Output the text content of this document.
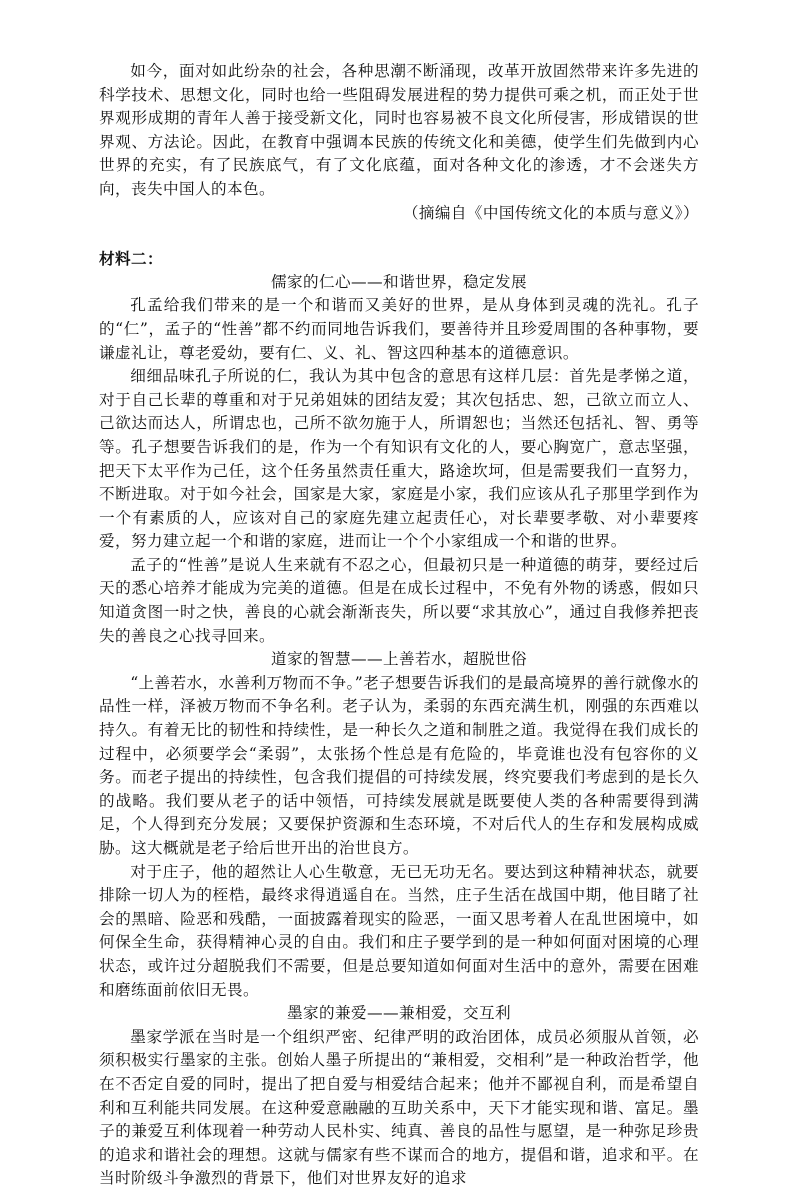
如今，面对如此纷杂的社会，各种思潮不断涌现，改革开放固然带来许多先进的科学技术、思想文化，同时也给一些阻碍发展进程的势力提供可乘之机，而正处于世界观形成期的青年人善于接受新文化，同时也容易被不良文化所侵害，形成错误的世界观、方法论。因此，在教育中强调本民族的传统文化和美德，使学生们先做到内心世界的充实，有了民族底气，有了文化底蕴，面对各种文化的渗透，才不会迷失方向，丧失中国人的本色。

（摘编自《中国传统文化的本质与意义》）

材料二：

儒家的仁心——和谐世界，稳定发展

孔孟给我们带来的是一个和谐而又美好的世界，是从身体到灵魂的洗礼。孔子的“仁”，孟子的“性善”都不约而同地告诉我们，要善待并且珍爱周围的各种事物，要谦虚礼让，尊老爱幼，要有仁、义、礼、智这四种基本的道德意识。

细细品味孔子所说的仁，我认为其中包含的意思有这样几层：首先是孝悌之道，对于自己长辈的尊重和对于兄弟姐妹的团结友爱；其次包括忠、恕，己欲立而立人、己欲达而达人，所谓忠也，己所不欲勿施于人，所谓恕也；当然还包括礼、智、勇等等。孔子想要告诉我们的是，作为一个有知识有文化的人，要心胸宽广，意志坚强，把天下太平作为己任，这个任务虽然责任重大，路途坎坷，但是需要我们一直努力，不断进取。对于如今社会，国家是大家，家庭是小家，我们应该从孔子那里学到作为一个有素质的人，应该对自己的家庭先建立起责任心，对长辈要孝敬、对小辈要疼爱，努力建立起一个和谐的家庭，进而让一个个小家组成一个和谐的世界。

孟子的“性善”是说人生来就有不忍之心，但最初只是一种道德的萌芽，要经过后天的悉心培养才能成为完美的道德。但是在成长过程中，不免有外物的诱惑，假如只知道贪图一时之快，善良的心就会渐渐丧失，所以要“求其放心”，通过自我修养把丧失的善良之心找寻回来。

道家的智慧——上善若水，超脱世俗

“上善若水，水善利万物而不争。”老子想要告诉我们的是最高境界的善行就像水的品性一样，泽被万物而不争名利。老子认为，柔弱的东西充满生机，刚强的东西难以持久。有着无比的韧性和持续性，是一种长久之道和制胜之道。我觉得在我们成长的过程中，必须要学会“柔弱”，太张扬个性总是有危险的，毕竟谁也没有包容你的义务。而老子提出的持续性，包含我们提倡的可持续发展，终究要我们考虑到的是长久的战略。我们要从老子的话中领悟，可持续发展就是既要使人类的各种需要得到满足，个人得到充分发展；又要保护资源和生态环境，不对后代人的生存和发展构成威胁。这大概就是老子给后世开出的治世良方。

对于庄子，他的超然让人心生敬意，无已无功无名。要达到这种精神状态，就要排除一切人为的桎梏，最终求得逍遥自在。当然，庄子生活在战国中期，他目睹了社会的黑暗、险恶和残酷，一面披露着现实的险恶，一面又思考着人在乱世困境中，如何保全生命，获得精神心灵的自由。我们和庄子要学到的是一种如何面对困境的心理状态，或许过分超脱我们不需要，但是总要知道如何面对生活中的意外，需要在困难和磨练面前依旧无畏。

墨家的兼爱——兼相爱，交互利

墨家学派在当时是一个组织严密、纪律严明的政治团体，成员必须服从首领，必须积极实行墨家的主张。创始人墨子所提出的“兼相爱，交相利”是一种政治哲学，他在不否定自爱的同时，提出了把自爱与相爱结合起来；他并不鄙视自利，而是希望自利和互利能共同发展。在这种爱意融融的互助关系中，天下才能实现和谐、富足。墨子的兼爱互利体现着一种劳动人民朴实、纯真、善良的品性与愿望，是一种弥足珍贵的追求和谐社会的理想。这就与儒家有些不谋而合的地方，提倡和谐，追求和平。在当时阶级斗争激烈的背景下，他们对世界友好的追求
